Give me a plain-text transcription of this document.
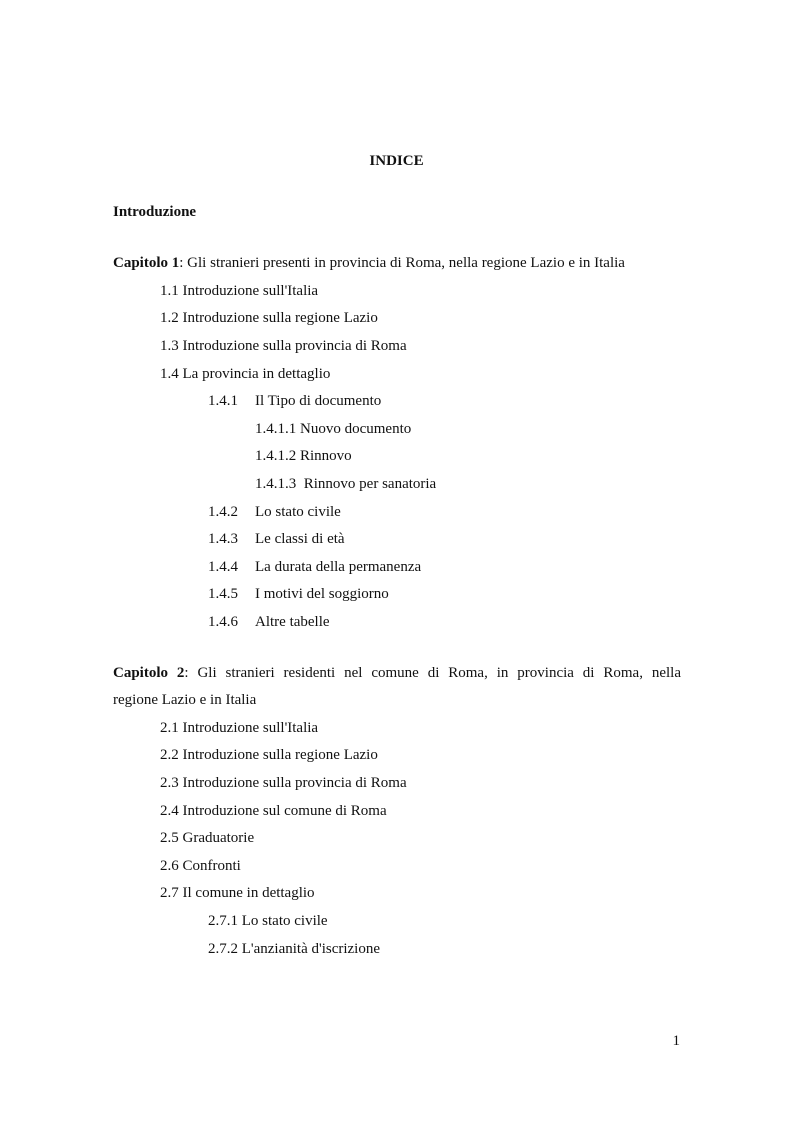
INDICE
Introduzione
Capitolo 1: Gli stranieri presenti in provincia di Roma, nella regione Lazio e in Italia
1.1 Introduzione sull'Italia
1.2 Introduzione sulla regione Lazio
1.3 Introduzione sulla provincia di Roma
1.4 La provincia in dettaglio
1.4.1 Il Tipo di documento
1.4.1.1 Nuovo documento
1.4.1.2 Rinnovo
1.4.1.3  Rinnovo per sanatoria
1.4.2 Lo stato civile
1.4.3 Le classi di età
1.4.4 La durata della permanenza
1.4.5 I motivi del soggiorno
1.4.6 Altre tabelle
Capitolo 2: Gli stranieri residenti nel comune di Roma, in provincia di Roma, nella
regione Lazio e in Italia
2.1 Introduzione sull'Italia
2.2 Introduzione sulla regione Lazio
2.3 Introduzione sulla provincia di Roma
2.4 Introduzione sul comune di Roma
2.5 Graduatorie
2.6 Confronti
2.7 Il comune in dettaglio
2.7.1 Lo stato civile
2.7.2 L'anzianità d'iscrizione
1
